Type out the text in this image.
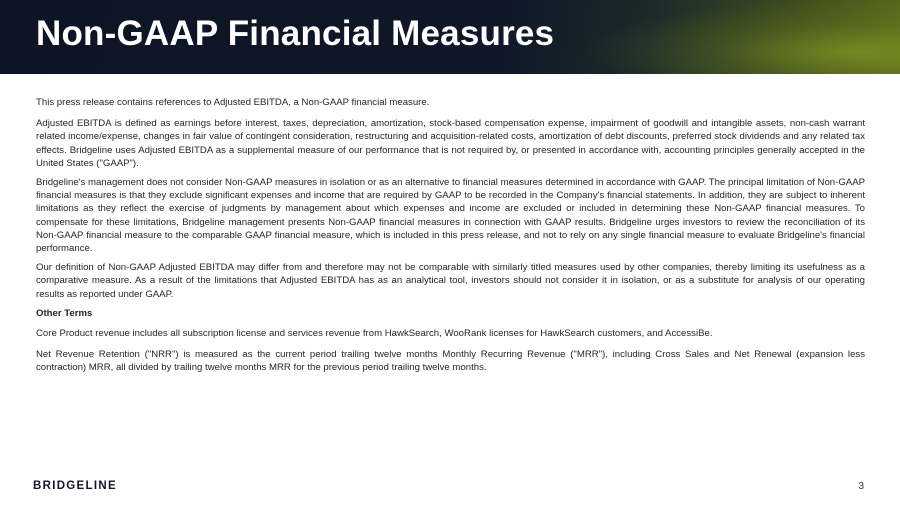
Non-GAAP Financial Measures

This press release contains references to Adjusted EBITDA, a Non-GAAP financial measure.

Adjusted EBITDA is defined as earnings before interest, taxes, depreciation, amortization, stock-based compensation expense, impairment of goodwill and intangible assets, non-cash warrant related income/expense, changes in fair value of contingent consideration, restructuring and acquisition-related costs, amortization of debt discounts, preferred stock dividends and any related tax effects. Bridgeline uses Adjusted EBITDA as a supplemental measure of our performance that is not required by, or presented in accordance with, accounting principles generally accepted in the United States ("GAAP").

Bridgeline's management does not consider Non-GAAP measures in isolation or as an alternative to financial measures determined in accordance with GAAP. The principal limitation of Non-GAAP financial measures is that they exclude significant expenses and income that are required by GAAP to be recorded in the Company's financial statements. In addition, they are subject to inherent limitations as they reflect the exercise of judgments by management about which expenses and income are excluded or included in determining these Non-GAAP financial measures. To compensate for these limitations, Bridgeline management presents Non-GAAP financial measures in connection with GAAP results. Bridgeline urges investors to review the reconciliation of its Non-GAAP financial measure to the comparable GAAP financial measure, which is included in this press release, and not to rely on any single financial measure to evaluate Bridgeline's financial performance.

Our definition of Non-GAAP Adjusted EBITDA may differ from and therefore may not be comparable with similarly titled measures used by other companies, thereby limiting its usefulness as a comparative measure. As a result of the limitations that Adjusted EBITDA has as an analytical tool, investors should not consider it in isolation, or as a substitute for analysis of our operating results as reported under GAAP.

Other Terms

Core Product revenue includes all subscription license and services revenue from HawkSearch, WooRank licenses for HawkSearch customers, and AccessiBe.

Net Revenue Retention ("NRR") is measured as the current period trailing twelve months Monthly Recurring Revenue ("MRR"), including Cross Sales and Net Renewal (expansion less contraction) MRR, all divided by trailing twelve months MRR for the previous period trailing twelve months.

BRIDGELINE	3
